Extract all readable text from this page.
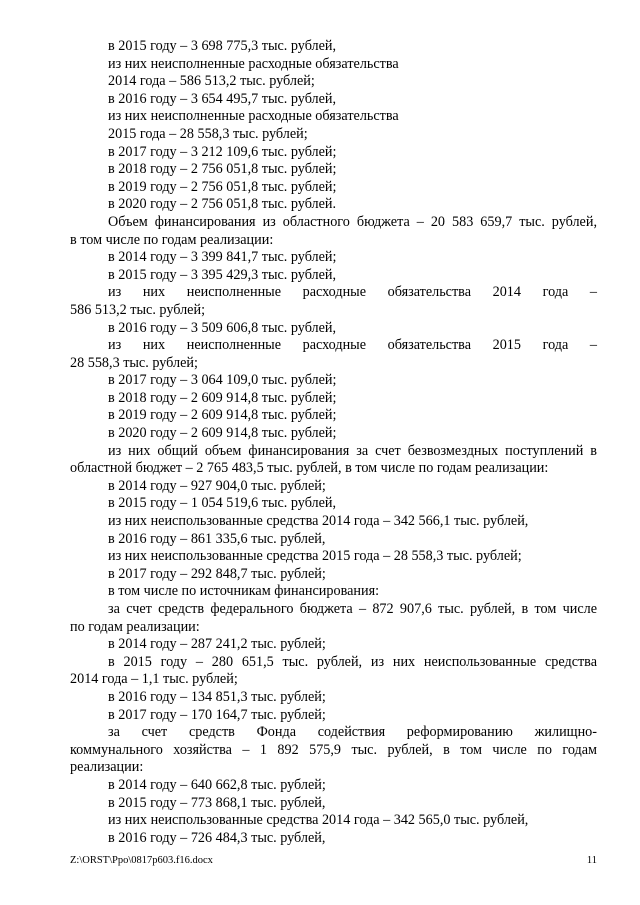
в 2015 году – 3 698 775,3 тыс. рублей,
из них неисполненные расходные обязательства
2014 года – 586 513,2 тыс. рублей;
в 2016 году – 3 654 495,7 тыс. рублей,
из них неисполненные расходные обязательства
2015 года – 28 558,3 тыс. рублей;
в 2017 году – 3 212 109,6 тыс. рублей;
в 2018 году – 2 756 051,8 тыс. рублей;
в 2019 году – 2 756 051,8 тыс. рублей;
в 2020 году – 2 756 051,8 тыс. рублей.
Объем финансирования из областного бюджета – 20 583 659,7 тыс. рублей,
в том числе по годам реализации:
в 2014 году – 3 399 841,7 тыс. рублей;
в 2015 году – 3 395 429,3 тыс. рублей,
из них неисполненные расходные обязательства 2014 года –
586 513,2 тыс. рублей;
в 2016 году – 3 509 606,8 тыс. рублей,
из них неисполненные расходные обязательства 2015 года –
28 558,3 тыс. рублей;
в 2017 году – 3 064 109,0 тыс. рублей;
в 2018 году – 2 609 914,8 тыс. рублей;
в 2019 году – 2 609 914,8 тыс. рублей;
в 2020 году – 2 609 914,8 тыс. рублей;
из них общий объем финансирования за счет безвозмездных поступлений в
областной бюджет – 2 765 483,5 тыс. рублей, в том числе по годам реализации:
в 2014 году – 927 904,0 тыс. рублей;
в 2015 году – 1 054 519,6 тыс. рублей,
из них неиспользованные средства 2014 года – 342 566,1 тыс. рублей,
в 2016 году – 861 335,6 тыс. рублей,
из них неиспользованные средства 2015 года – 28 558,3 тыс. рублей;
в 2017 году – 292 848,7 тыс. рублей;
в том числе по источникам финансирования:
за счет средств федерального бюджета – 872 907,6 тыс. рублей, в том числе
по годам реализации:
в 2014 году – 287 241,2 тыс. рублей;
в 2015 году – 280 651,5 тыс. рублей, из них неиспользованные средства
2014 года – 1,1 тыс. рублей;
в 2016 году – 134 851,3 тыс. рублей;
в 2017 году – 170 164,7 тыс. рублей;
за счет средств Фонда содействия реформированию жилищно-
коммунального хозяйства – 1 892 575,9 тыс. рублей, в том числе по годам
реализации:
в 2014 году – 640 662,8 тыс. рублей;
в 2015 году – 773 868,1 тыс. рублей,
из них неиспользованные средства 2014 года – 342 565,0 тыс. рублей,
в 2016 году – 726 484,3 тыс. рублей,
Z:\ORST\Ppo\0817p603.f16.docx	11
